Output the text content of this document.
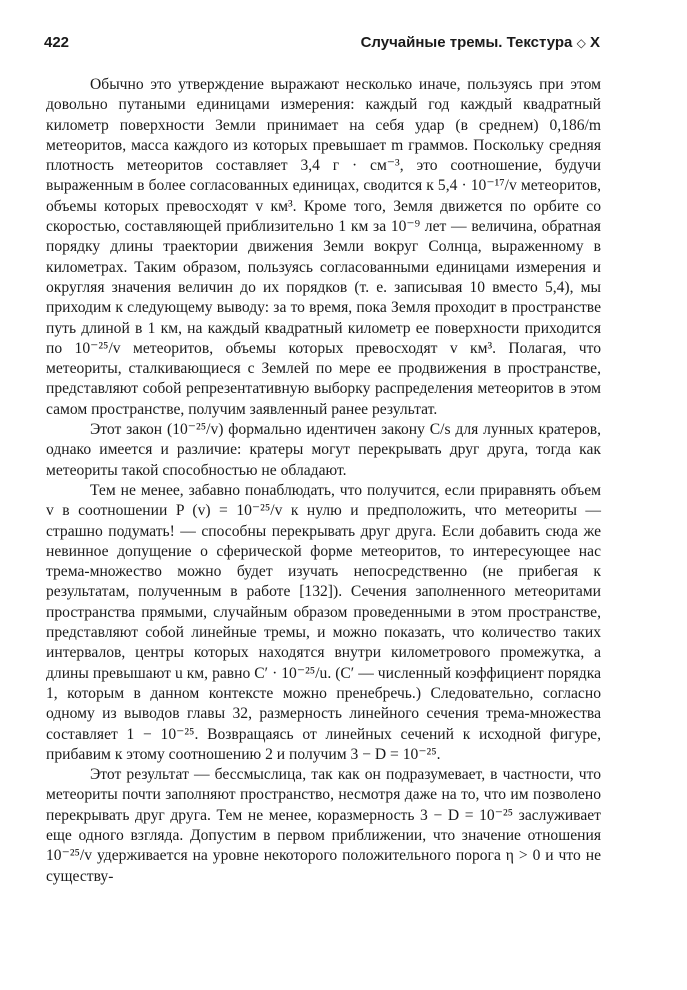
422	Случайные тремы. Текстура ◇ X

Обычно это утверждение выражают несколько иначе, пользуясь при этом довольно путаными единицами измерения: каждый год каждый квадратный километр поверхности Земли принимает на себя удар (в среднем) 0,186/m метеоритов, масса каждого из которых превышает m граммов. Поскольку средняя плотность метеоритов составляет 3,4 г · см⁻³, это соотношение, будучи выраженным в более согласованных единицах, сводится к 5,4 · 10⁻¹⁷/v метеоритов, объемы которых превосходят v км³. Кроме того, Земля движется по орбите со скоростью, составляющей приблизительно 1 км за 10⁻⁹ лет — величина, обратная порядку длины траектории движения Земли вокруг Солнца, выраженному в километрах. Таким образом, пользуясь согласованными единицами измерения и округляя значения величин до их порядков (т. е. записывая 10 вместо 5,4), мы приходим к следующему выводу: за то время, пока Земля проходит в пространстве путь длиной в 1 км, на каждый квадратный километр ее поверхности приходится по 10⁻²⁵/v метеоритов, объемы которых превосходят v км³. Полагая, что метеориты, сталкивающиеся с Землей по мере ее продвижения в пространстве, представляют собой репрезентативную выборку распределения метеоритов в этом самом пространстве, получим заявленный ранее результат.

Этот закон (10⁻²⁵/v) формально идентичен закону C/s для лунных кратеров, однако имеется и различие: кратеры могут перекрывать друг друга, тогда как метеориты такой способностью не обладают.

Тем не менее, забавно понаблюдать, что получится, если приравнять объем v в соотношении P (v) = 10⁻²⁵/v к нулю и предположить, что метеориты — страшно подумать! — способны перекрывать друг друга. Если добавить сюда же невинное допущение о сферической форме метеоритов, то интересующее нас трема-множество можно будет изучать непосредственно (не прибегая к результатам, полученным в работе [132]). Сечения заполненного метеоритами пространства прямыми, случайным образом проведенными в этом пространстве, представляют собой линейные тремы, и можно показать, что количество таких интервалов, центры которых находятся внутри километрового промежутка, а длины превышают u км, равно C′ · 10⁻²⁵/u. (C′ — численный коэффициент порядка 1, которым в данном контексте можно пренебречь.) Следовательно, согласно одному из выводов главы 32, размерность линейного сечения трема-множества составляет 1 − 10⁻²⁵. Возвращаясь от линейных сечений к исходной фигуре, прибавим к этому соотношению 2 и получим 3 − D = 10⁻²⁵.

Этот результат — бессмыслица, так как он подразумевает, в частности, что метеориты почти заполняют пространство, несмотря даже на то, что им позволено перекрывать друг друга. Тем не менее, коразмерность 3 − D = 10⁻²⁵ заслуживает еще одного взгляда. Допустим в первом приближении, что значение отношения 10⁻²⁵/v удерживается на уровне некоторого положительного порога η > 0 и что не существу-
